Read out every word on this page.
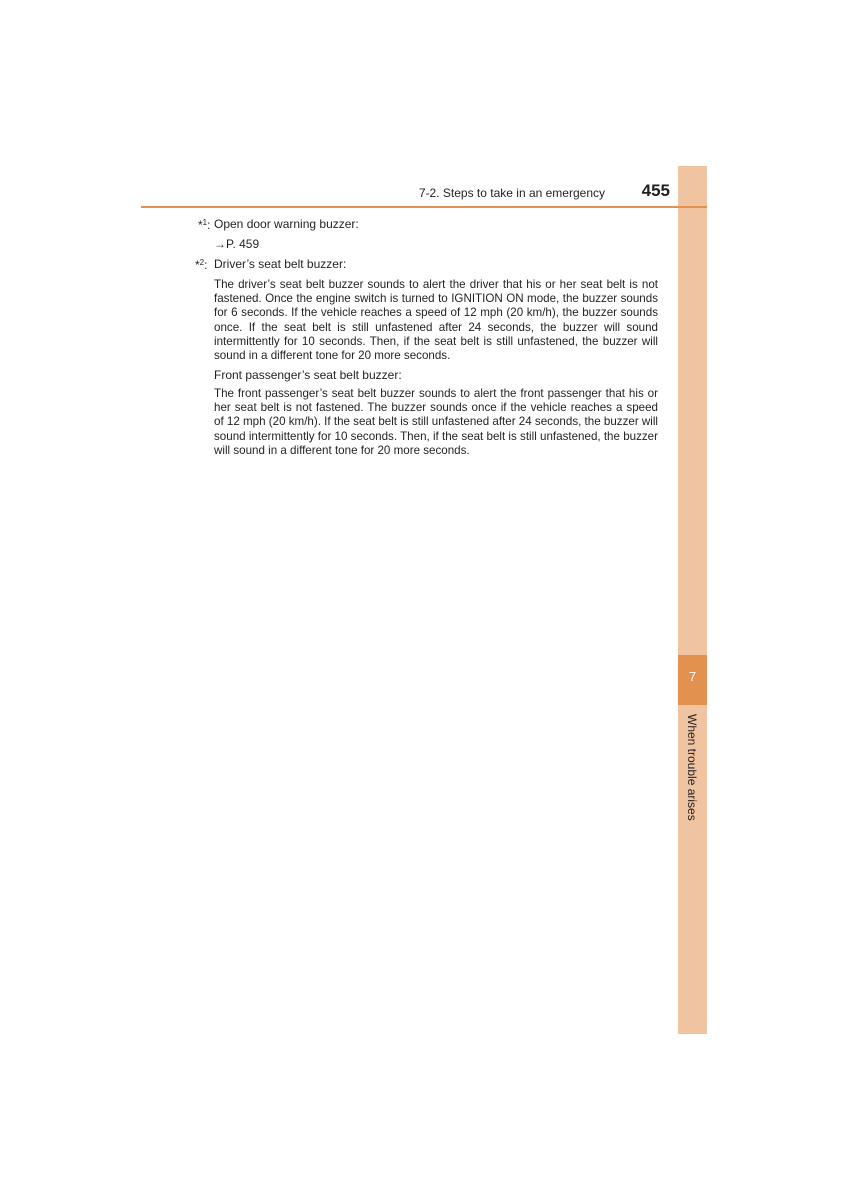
7
When trouble arises
7-2. Steps to take in an emergency 455
*$^1$: Open door warning buzzer:
→P. 459
*$^2$: Driver’s seat belt buzzer:
The driver’s seat belt buzzer sounds to alert the driver that his or her seat belt is not fastened. Once the engine switch is turned to IGNITION ON mode, the buzzer sounds for 6 seconds. If the vehicle reaches a speed of 12 mph (20 km/h), the buzzer sounds once. If the seat belt is still unfastened after 24 seconds, the buzzer will sound intermittently for 10 seconds. Then, if the seat belt is still unfastened, the buzzer will sound in a different tone for 20 more seconds.
Front passenger’s seat belt buzzer:
The front passenger’s seat belt buzzer sounds to alert the front passenger that his or her seat belt is not fastened. The buzzer sounds once if the vehicle reaches a speed of 12 mph (20 km/h). If the seat belt is still unfastened after 24 seconds, the buzzer will sound intermittently for 10 seconds. Then, if the seat belt is still unfastened, the buzzer will sound in a different tone for 20 more seconds.
